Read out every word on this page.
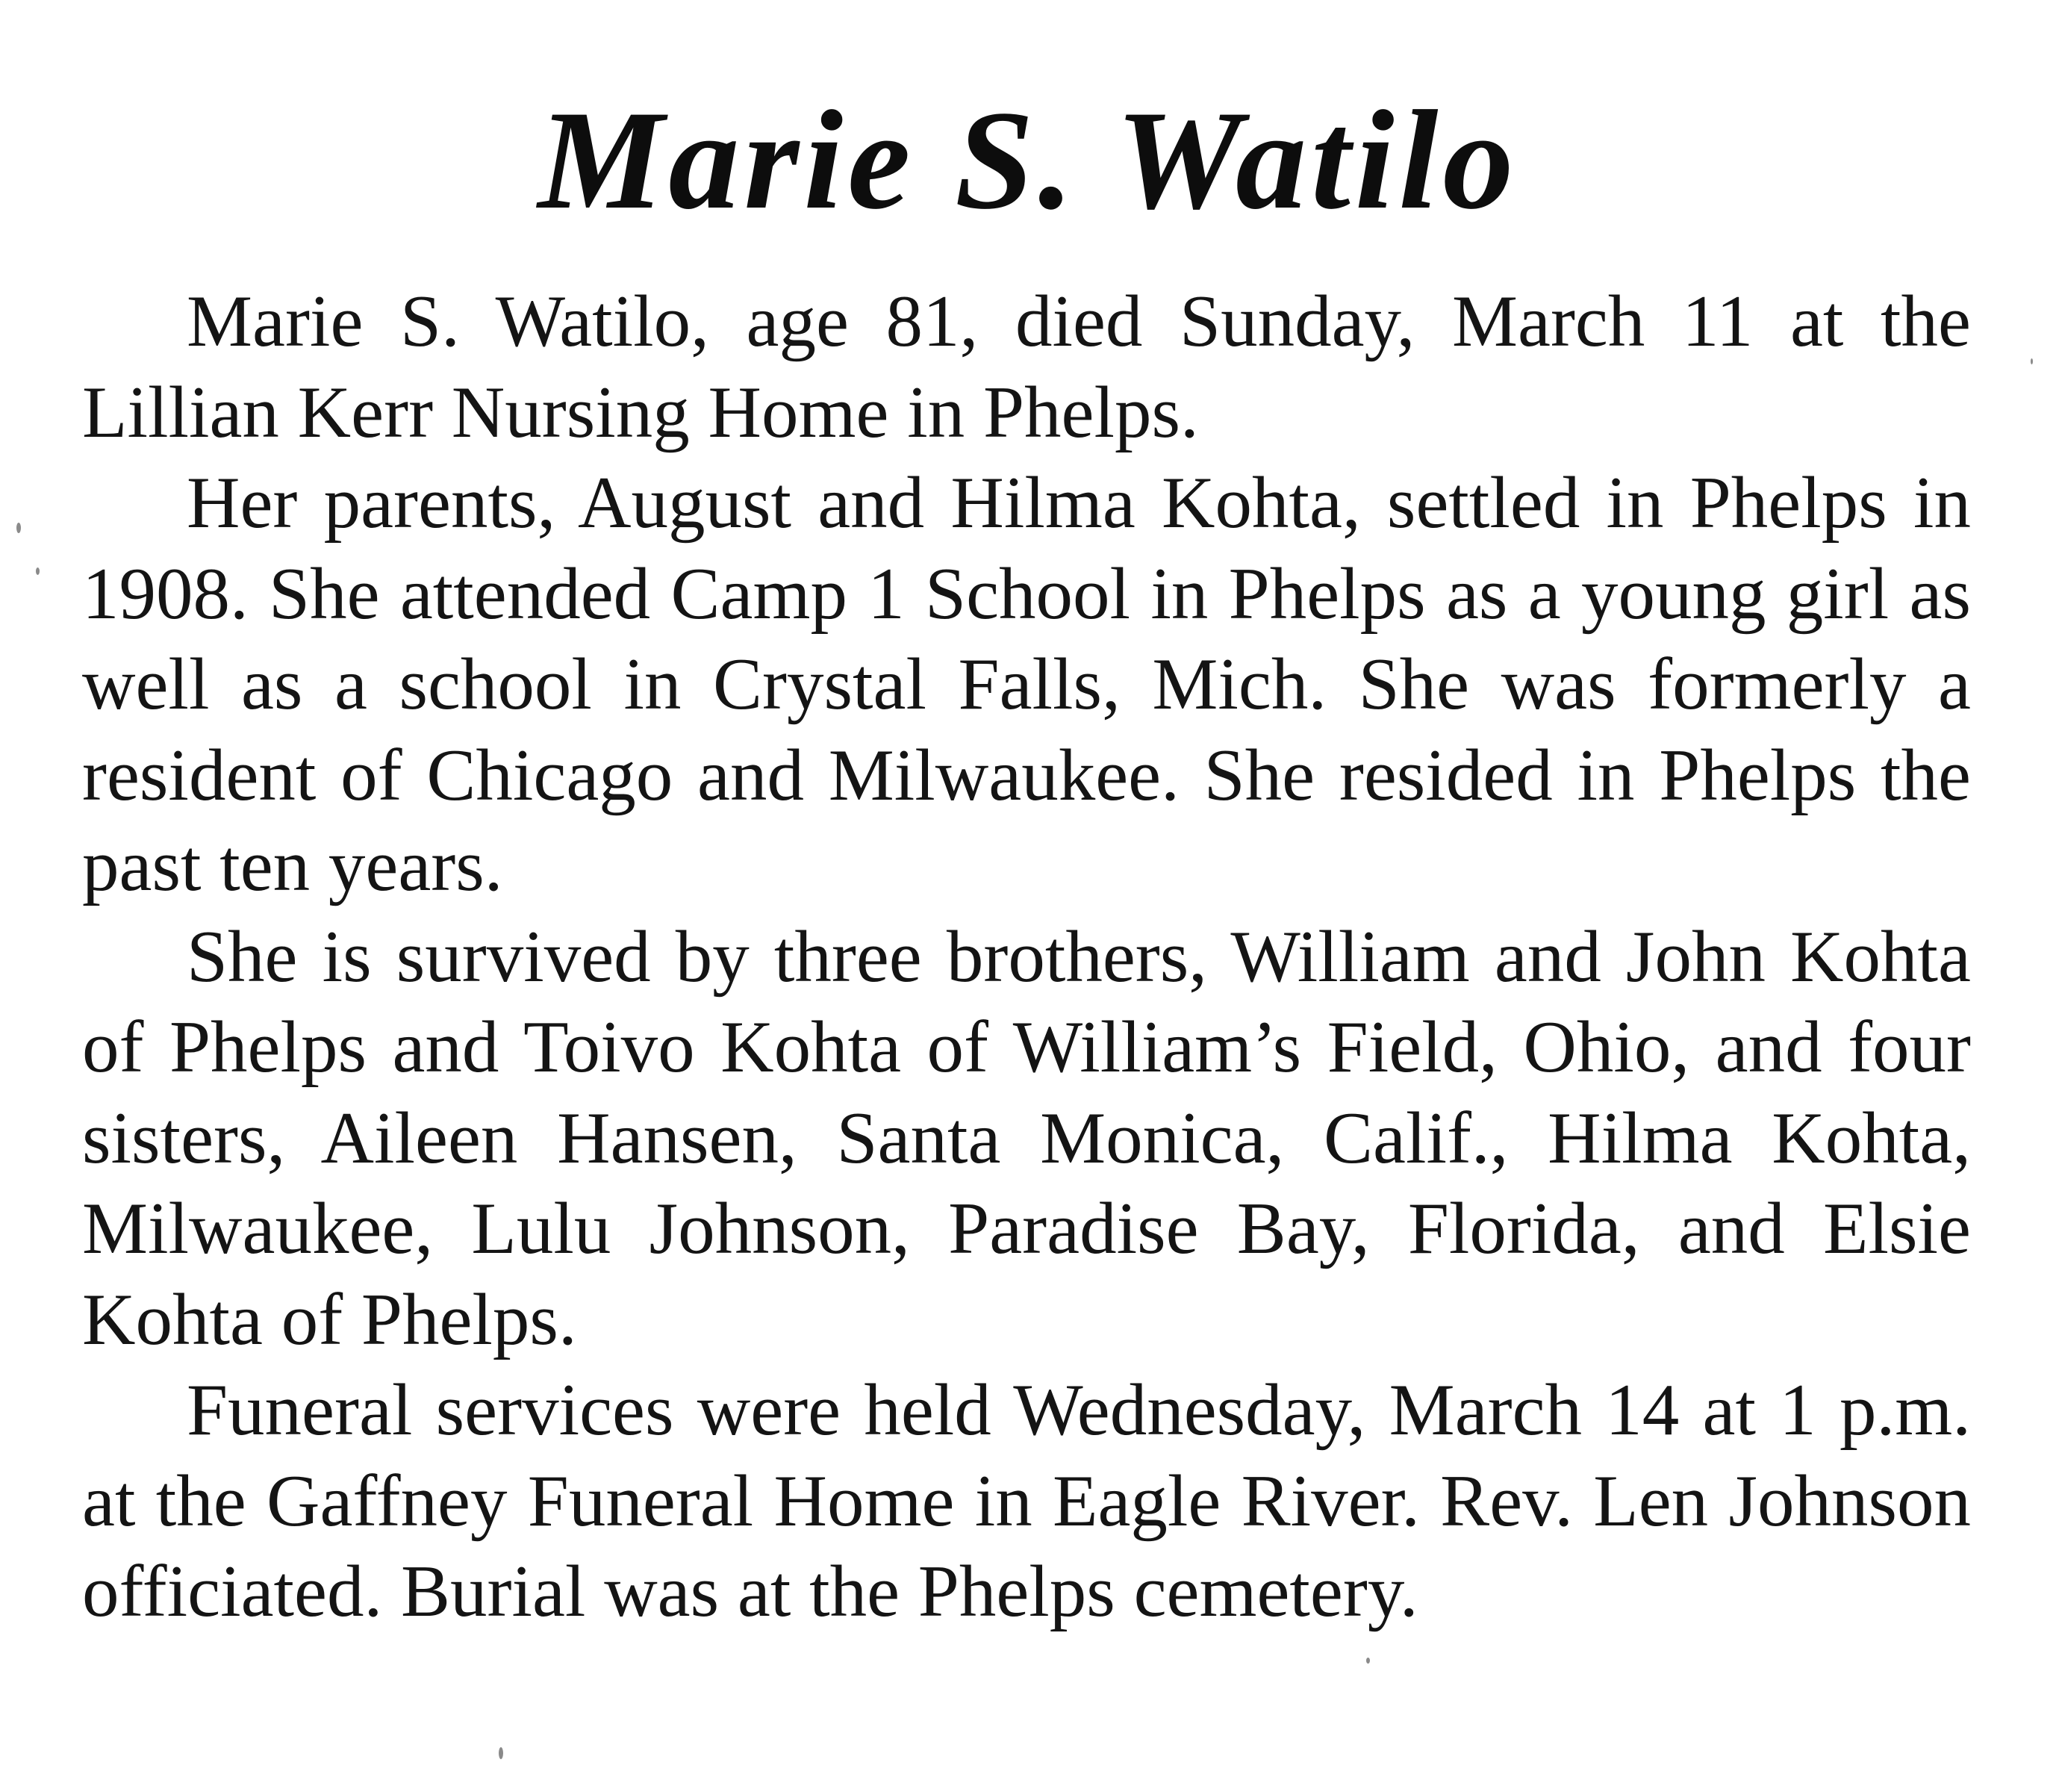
Marie S. Watilo

Marie S. Watilo, age 81, died Sunday, March 11 at the Lillian Kerr Nursing Home in Phelps.

Her parents, August and Hilma Kohta, settled in Phelps in 1908. She attended Camp 1 School in Phelps as a young girl as well as a school in Crystal Falls, Mich. She was formerly a resident of Chicago and Milwaukee. She resided in Phelps the past ten years.

She is survived by three brothers, William and John Kohta of Phelps and Toivo Kohta of William’s Field, Ohio, and four sisters, Aileen Hansen, Santa Monica, Calif., Hilma Kohta, Milwaukee, Lulu Johnson, Paradise Bay, Florida, and Elsie Kohta of Phelps.

Funeral services were held Wednesday, March 14 at 1 p.m. at the Gaffney Funeral Home in Eagle River. Rev. Len Johnson officiated. Burial was at the Phelps cemetery.
